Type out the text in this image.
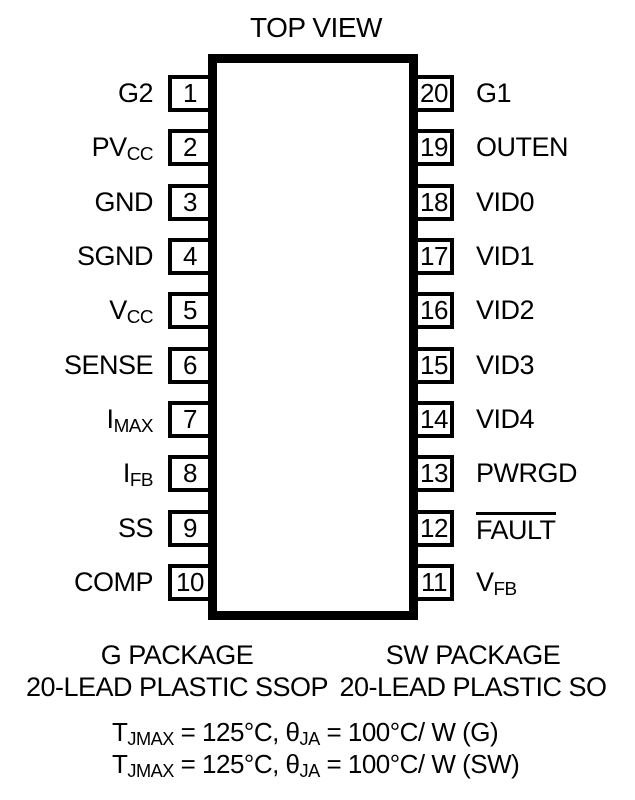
TOP VIEW
G2 1
$PV_{CC}$ 2
GND 3
SGND 4
$V_{CC}$ 5
SENSE 6
$I_{MAX}$ 7
$I_{FB}$ 8
SS 9
COMP 10
20 G1
19 OUTEN
18 VID0
17 VID1
16 VID2
15 VID3
14 VID4
13 PWRGD
12 FAULT
11 $V_{FB}$
G PACKAGE
20-LEAD PLASTIC SSOP
SW PACKAGE
20-LEAD PLASTIC SO
$T_{JMAX} = 125^\circ C$, $\theta_{JA} = 100^\circ C/$ W (G)
$T_{JMAX} = 125^\circ C$, $\theta_{JA} = 100^\circ C/$ W (SW)
